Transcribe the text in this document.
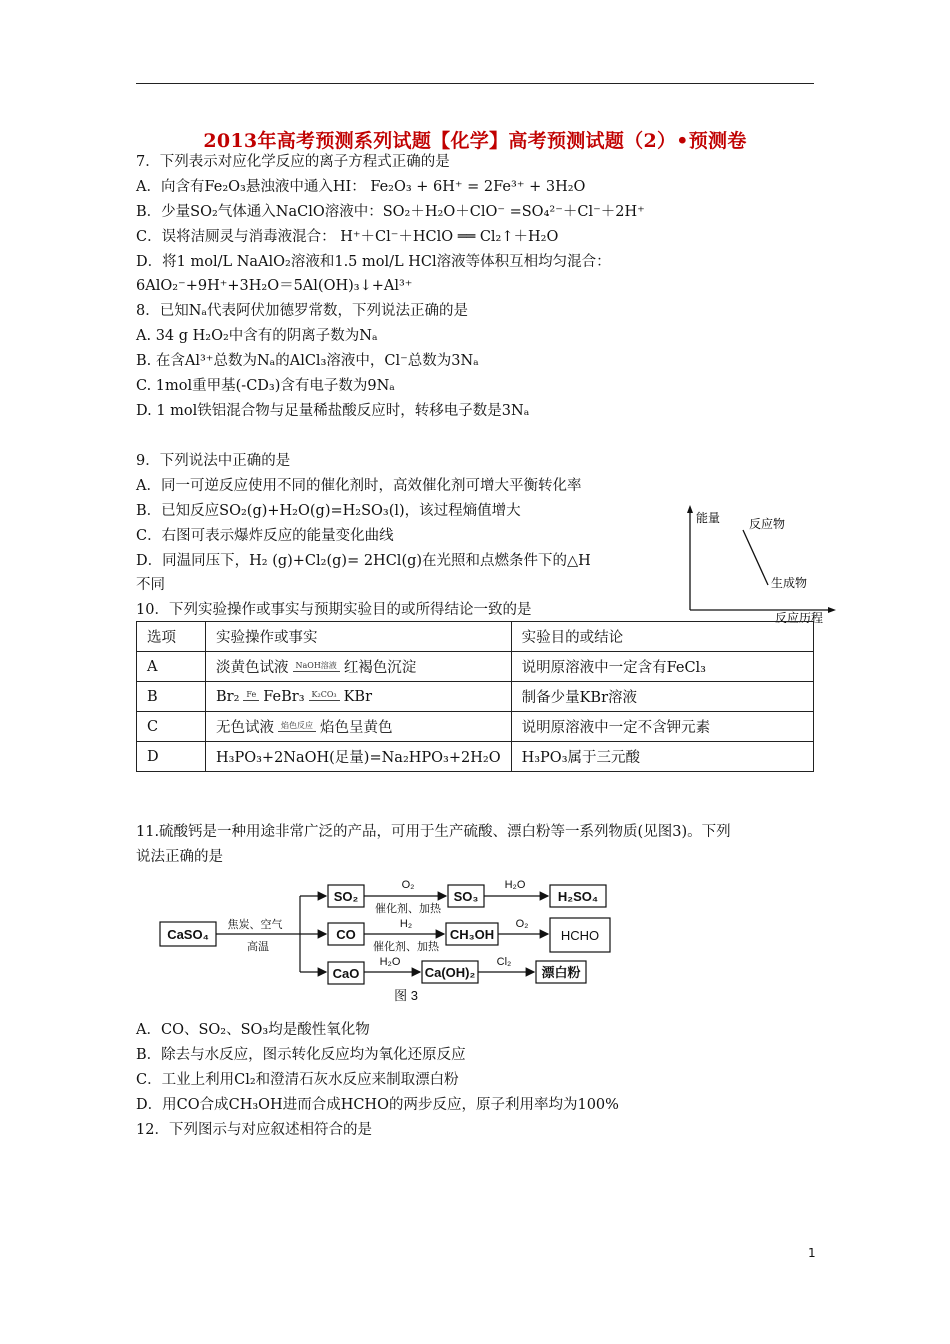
2013年高考预测系列试题【化学】高考预测试题（2）•预测卷
7．下列表示对应化学反应的离子方程式正确的是
A．向含有Fe₂O₃悬浊液中通入HI： Fe₂O₃ + 6H⁺ = 2Fe³⁺ + 3H₂O
B．少量SO₂气体通入NaClO溶液中：SO₂＋H₂O＋ClO⁻ =SO₄²⁻＋Cl⁻＋2H⁺
C．误将洁厕灵与消毒液混合： H⁺＋Cl⁻＋HClO ══ Cl₂↑＋H₂O
D．将1 mol/L NaAlO₂溶液和1.5 mol/L HCl溶液等体积互相均匀混合：
6AlO₂⁻+9H⁺+3H₂O＝5Al(OH)₃↓+Al³⁺
8．已知Nₐ代表阿伏加德罗常数，下列说法正确的是
A. 34 g H₂O₂中含有的阴离子数为Nₐ
B. 在含Al³⁺总数为Nₐ的AlCl₃溶液中，Cl⁻总数为3Nₐ
C. 1mol重甲基(-CD₃)含有电子数为9Nₐ
D. 1 mol铁铝混合物与足量稀盐酸反应时，转移电子数是3Nₐ
9．下列说法中正确的是
A．同一可逆反应使用不同的催化剂时，高效催化剂可增大平衡转化率
B．已知反应SO₂(g)+H₂O(g)=H₂SO₃(l)，该过程熵值增大
C．右图可表示爆炸反应的能量变化曲线
D．同温同压下，H₂ (g)+Cl₂(g)= 2HCl(g)在光照和点燃条件下的△H
不同
能量 反应物
生成物
反应历程
10．下列实验操作或事实与预期实验目的或所得结论一致的是
选项	实验操作或事实	实验目的或结论
A	淡黄色试液 NaOH溶液 红褐色沉淀	说明原溶液中一定含有FeCl₃
B	Br₂ Fe FeBr₃ K₂CO₃ KBr	制备少量KBr溶液
C	无色试液 焰色反应 焰色呈黄色	说明原溶液中一定不含钾元素
D	H₃PO₃+2NaOH(足量)=Na₂HPO₃+2H₂O	H₃PO₃属于三元酸
11.硫酸钙是一种用途非常广泛的产品，可用于生产硫酸、漂白粉等一系列物质(见图3)。下列
说法正确的是
CaSO₄
焦炭、空气
高温
SO₂
O₂
催化剂、加热
SO₃
H₂O
H₂SO₄
CO
H₂
催化剂、加热
CH₃OH
O₂
HCHO
CaO
H₂O
Ca(OH)₂
Cl₂
漂白粉
图 3
A．CO、SO₂、SO₃均是酸性氧化物
B．除去与水反应，图示转化反应均为氧化还原反应
C．工业上利用Cl₂和澄清石灰水反应来制取漂白粉
D．用CO合成CH₃OH进而合成HCHO的两步反应，原子利用率均为100%
12．下列图示与对应叙述相符合的是
1
